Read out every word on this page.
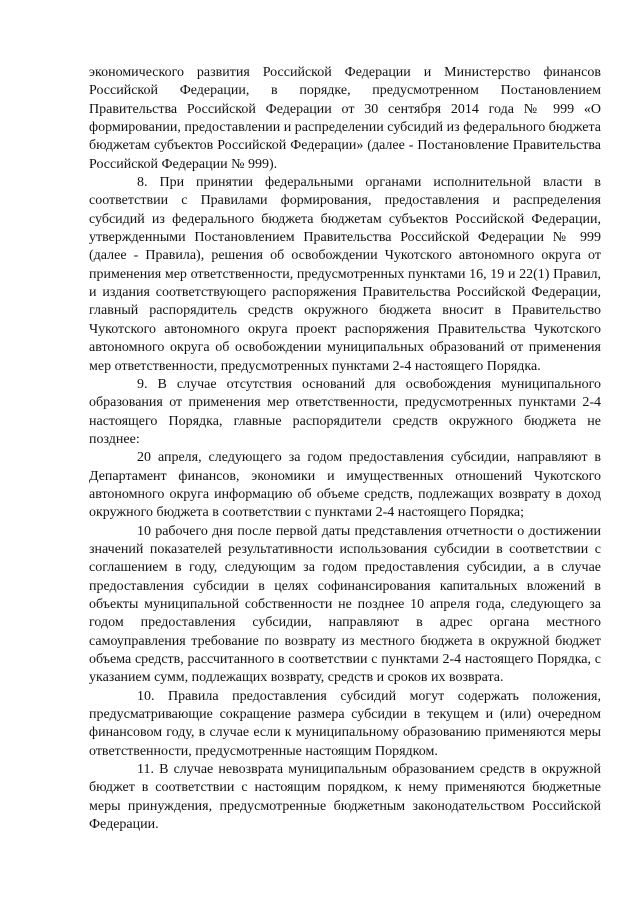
экономического развития Российской Федерации и Министерство финансов Российской Федерации, в порядке, предусмотренном Постановлением Правительства Российской Федерации от 30 сентября 2014 года № 999 «О формировании, предоставлении и распределении субсидий из федерального бюджета бюджетам субъектов Российской Федерации» (далее - Постановление Правительства Российской Федерации № 999).

8. При принятии федеральными органами исполнительной власти в соответствии с Правилами формирования, предоставления и распределения субсидий из федерального бюджета бюджетам субъектов Российской Федерации, утвержденными Постановлением Правительства Российской Федерации № 999 (далее - Правила), решения об освобождении Чукотского автономного округа от применения мер ответственности, предусмотренных пунктами 16, 19 и 22(1) Правил, и издания соответствующего распоряжения Правительства Российской Федерации, главный распорядитель средств окружного бюджета вносит в Правительство Чукотского автономного округа проект распоряжения Правительства Чукотского автономного округа об освобождении муниципальных образований от применения мер ответственности, предусмотренных пунктами 2-4 настоящего Порядка.

9. В случае отсутствия оснований для освобождения муниципального образования от применения мер ответственности, предусмотренных пунктами 2-4 настоящего Порядка, главные распорядители средств окружного бюджета не позднее:

20 апреля, следующего за годом предоставления субсидии, направляют в Департамент финансов, экономики и имущественных отношений Чукотского автономного округа информацию об объеме средств, подлежащих возврату в доход окружного бюджета в соответствии с пунктами 2-4 настоящего Порядка;

10 рабочего дня после первой даты представления отчетности о достижении значений показателей результативности использования субсидии в соответствии с соглашением в году, следующим за годом предоставления субсидии, а в случае предоставления субсидии в целях софинансирования капитальных вложений в объекты муниципальной собственности не позднее 10 апреля года, следующего за годом предоставления субсидии, направляют в адрес органа местного самоуправления требование по возврату из местного бюджета в окружной бюджет объема средств, рассчитанного в соответствии с пунктами 2-4 настоящего Порядка, с указанием сумм, подлежащих возврату, средств и сроков их возврата.

10. Правила предоставления субсидий могут содержать положения, предусматривающие сокращение размера субсидии в текущем и (или) очередном финансовом году, в случае если к муниципальному образованию применяются меры ответственности, предусмотренные настоящим Порядком.

11. В случае невозврата муниципальным образованием средств в окружной бюджет в соответствии с настоящим порядком, к нему применяются бюджетные меры принуждения, предусмотренные бюджетным законодательством Российской Федерации.
